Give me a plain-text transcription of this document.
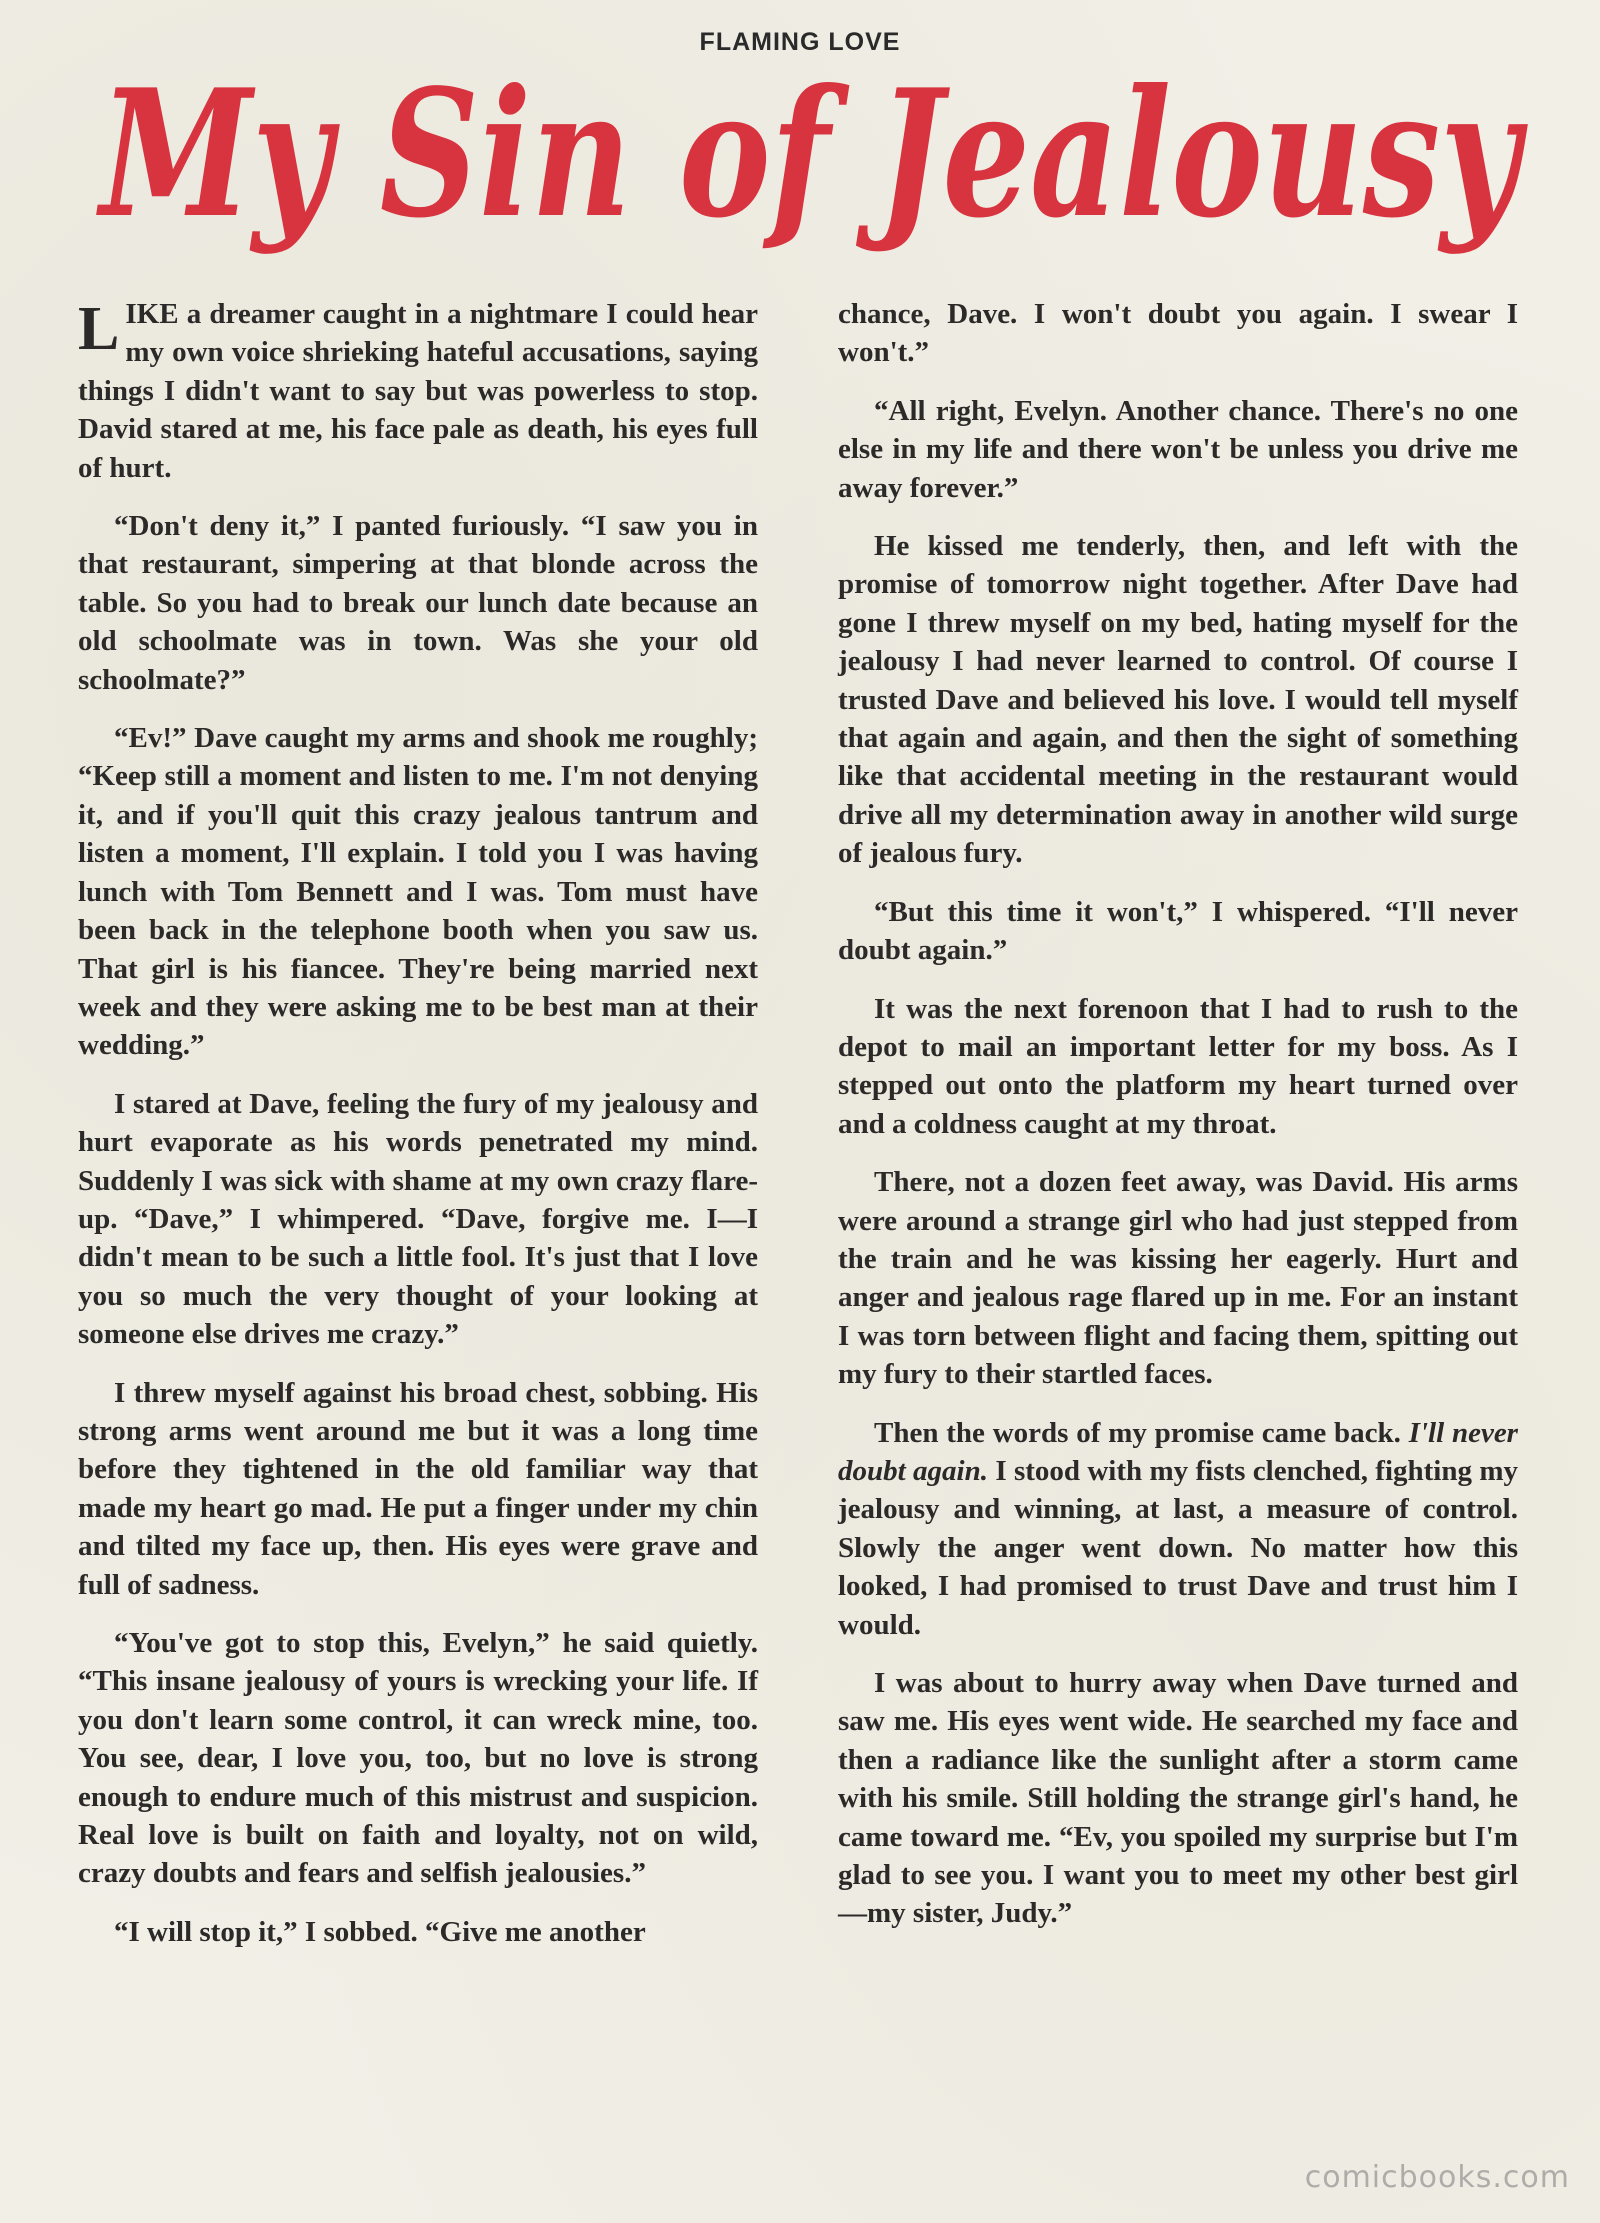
FLAMING LOVE
My Sin of Jealousy

LIKE a dreamer caught in a nightmare I could hear my own voice shrieking hateful accusations, saying things I didn't want to say but was powerless to stop. David stared at me, his face pale as death, his eyes full of hurt.

“Don't deny it,” I panted furiously. “I saw you in that restaurant, simpering at that blonde across the table. So you had to break our lunch date because an old schoolmate was in town. Was she your old schoolmate?”

“Ev!” Dave caught my arms and shook me roughly; “Keep still a moment and listen to me. I'm not denying it, and if you'll quit this crazy jealous tantrum and listen a moment, I'll explain. I told you I was having lunch with Tom Bennett and I was. Tom must have been back in the telephone booth when you saw us. That girl is his fiancee. They're being married next week and they were asking me to be best man at their wedding.”

I stared at Dave, feeling the fury of my jealousy and hurt evaporate as his words penetrated my mind. Suddenly I was sick with shame at my own crazy flare-up. “Dave,” I whimpered. “Dave, forgive me. I—I didn't mean to be such a little fool. It's just that I love you so much the very thought of your looking at someone else drives me crazy.”

I threw myself against his broad chest, sobbing. His strong arms went around me but it was a long time before they tightened in the old familiar way that made my heart go mad. He put a finger under my chin and tilted my face up, then. His eyes were grave and full of sadness.

“You've got to stop this, Evelyn,” he said quietly. “This insane jealousy of yours is wrecking your life. If you don't learn some control, it can wreck mine, too. You see, dear, I love you, too, but no love is strong enough to endure much of this mistrust and suspicion. Real love is built on faith and loyalty, not on wild, crazy doubts and fears and selfish jealousies.”

“I will stop it,” I sobbed. “Give me another

chance, Dave. I won't doubt you again. I swear I won't.”

“All right, Evelyn. Another chance. There's no one else in my life and there won't be unless you drive me away forever.”

He kissed me tenderly, then, and left with the promise of tomorrow night together. After Dave had gone I threw myself on my bed, hating myself for the jealousy I had never learned to control. Of course I trusted Dave and believed his love. I would tell myself that again and again, and then the sight of something like that accidental meeting in the restaurant would drive all my determination away in another wild surge of jealous fury.

“But this time it won't,” I whispered. “I'll never doubt again.”

It was the next forenoon that I had to rush to the depot to mail an important letter for my boss. As I stepped out onto the platform my heart turned over and a coldness caught at my throat.

There, not a dozen feet away, was David. His arms were around a strange girl who had just stepped from the train and he was kissing her eagerly. Hurt and anger and jealous rage flared up in me. For an instant I was torn between flight and facing them, spitting out my fury to their startled faces.

Then the words of my promise came back. I'll never doubt again. I stood with my fists clenched, fighting my jealousy and winning, at last, a measure of control. Slowly the anger went down. No matter how this looked, I had promised to trust Dave and trust him I would.

I was about to hurry away when Dave turned and saw me. His eyes went wide. He searched my face and then a radiance like the sunlight after a storm came with his smile. Still holding the strange girl's hand, he came toward me. “Ev, you spoiled my surprise but I'm glad to see you. I want you to meet my other best girl—my sister, Judy.”

comicbooks.com
